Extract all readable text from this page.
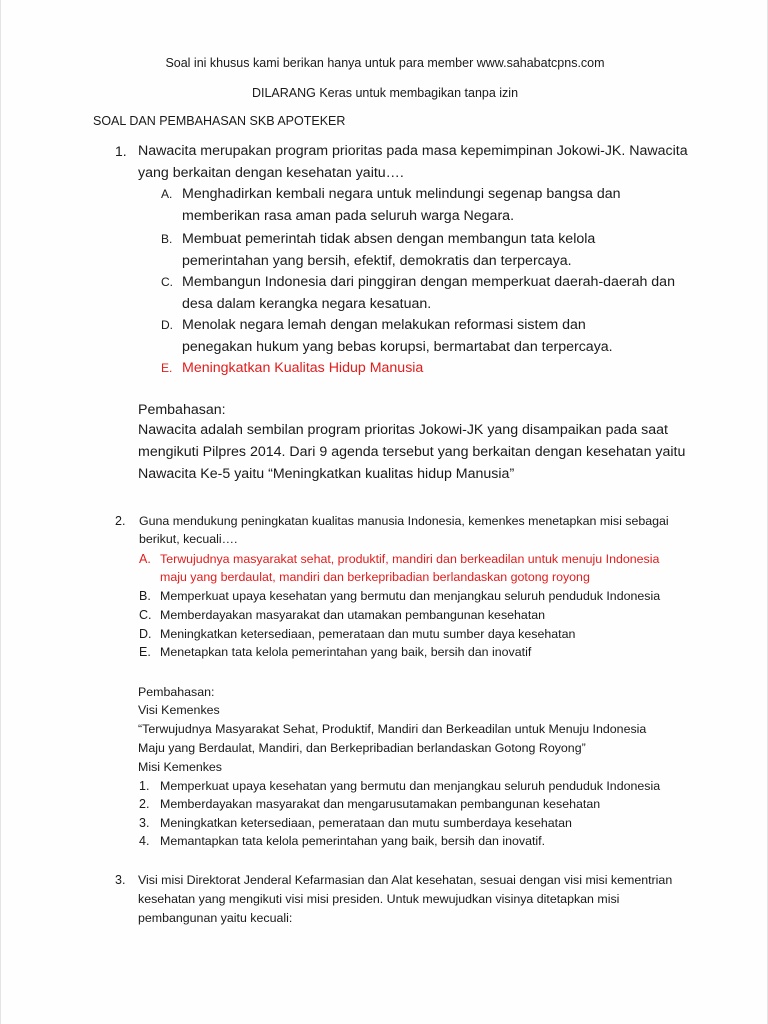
Soal ini khusus kami berikan hanya untuk para member www.sahabatcpns.com
DILARANG Keras untuk membagikan tanpa izin
SOAL DAN PEMBAHASAN SKB APOTEKER
1. Nawacita merupakan program prioritas pada masa kepemimpinan Jokowi-JK. Nawacita
yang berkaitan dengan kesehatan yaitu….
A. Menghadirkan kembali negara untuk melindungi segenap bangsa dan
memberikan rasa aman pada seluruh warga Negara.
B. Membuat pemerintah tidak absen dengan membangun tata kelola
pemerintahan yang bersih, efektif, demokratis dan terpercaya.
C. Membangun Indonesia dari pinggiran dengan memperkuat daerah-daerah dan
desa dalam kerangka negara kesatuan.
D. Menolak negara lemah dengan melakukan reformasi sistem dan
penegakan hukum yang bebas korupsi, bermartabat dan terpercaya.
E. Meningkatkan Kualitas Hidup Manusia
Pembahasan:
Nawacita adalah sembilan program prioritas Jokowi-JK yang disampaikan pada saat
mengikuti Pilpres 2014. Dari 9 agenda tersebut yang berkaitan dengan kesehatan yaitu
Nawacita Ke-5 yaitu “Meningkatkan kualitas hidup Manusia”
2. Guna mendukung peningkatan kualitas manusia Indonesia, kemenkes menetapkan misi sebagai
berikut, kecuali….
A. Terwujudnya masyarakat sehat, produktif, mandiri dan berkeadilan untuk menuju Indonesia
maju yang berdaulat, mandiri dan berkepribadian berlandaskan gotong royong
B. Memperkuat upaya kesehatan yang bermutu dan menjangkau seluruh penduduk Indonesia
C. Memberdayakan masyarakat dan utamakan pembangunan kesehatan
D. Meningkatkan ketersediaan, pemerataan dan mutu sumber daya kesehatan
E. Menetapkan tata kelola pemerintahan yang baik, bersih dan inovatif
Pembahasan:
Visi Kemenkes
“Terwujudnya Masyarakat Sehat, Produktif, Mandiri dan Berkeadilan untuk Menuju Indonesia
Maju yang Berdaulat, Mandiri, dan Berkepribadian berlandaskan Gotong Royong”
Misi Kemenkes
1. Memperkuat upaya kesehatan yang bermutu dan menjangkau seluruh penduduk Indonesia
2. Memberdayakan masyarakat dan mengarusutamakan pembangunan kesehatan
3. Meningkatkan ketersediaan, pemerataan dan mutu sumberdaya kesehatan
4. Memantapkan tata kelola pemerintahan yang baik, bersih dan inovatif.
3. Visi misi Direktorat Jenderal Kefarmasian dan Alat kesehatan, sesuai dengan visi misi kementrian
kesehatan yang mengikuti visi misi presiden. Untuk mewujudkan visinya ditetapkan misi
pembangunan yaitu kecuali:
